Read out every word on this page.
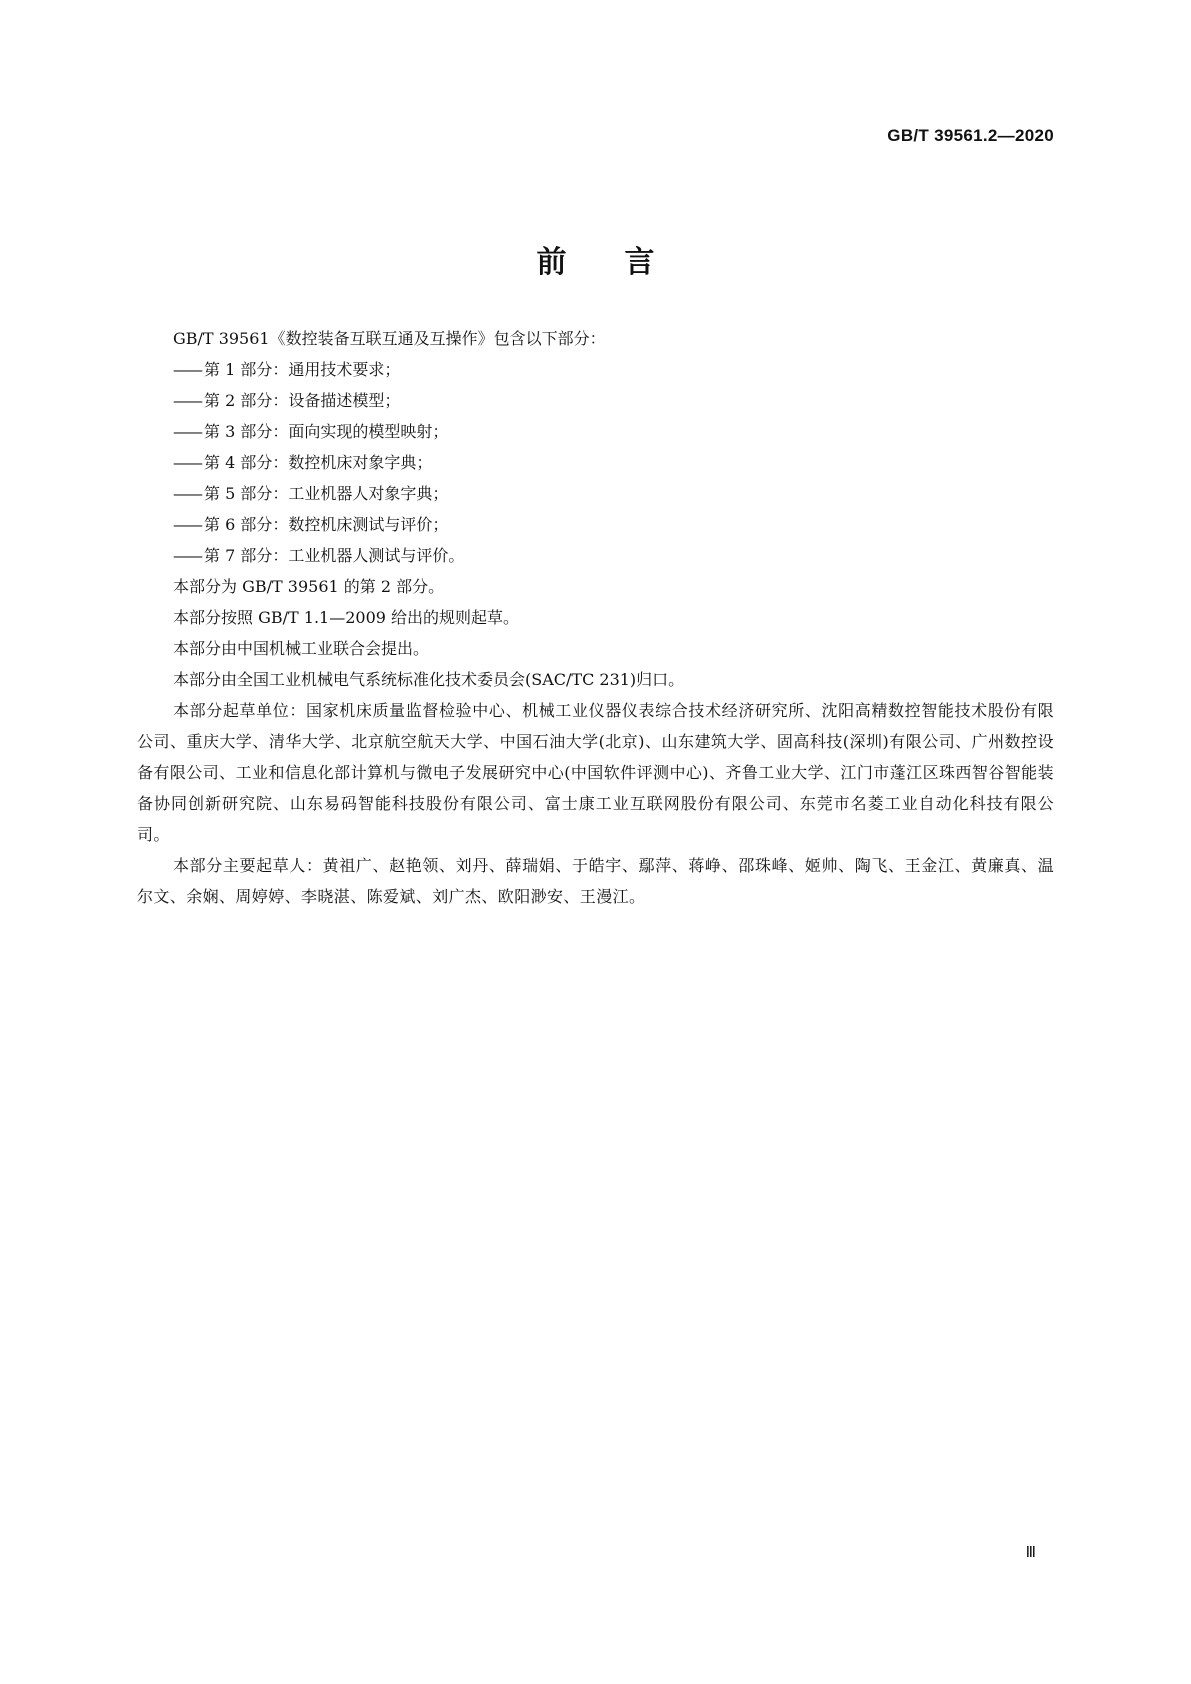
GB/T 39561.2—2020
前言

GB/T 39561《数控装备互联互通及互操作》包含以下部分：

—— 第 1 部分：通用技术要求；

—— 第 2 部分：设备描述模型；

—— 第 3 部分：面向实现的模型映射；

—— 第 4 部分：数控机床对象字典；

—— 第 5 部分：工业机器人对象字典；

—— 第 6 部分：数控机床测试与评价；

—— 第 7 部分：工业机器人测试与评价。

本部分为 GB/T 39561 的第 2 部分。

本部分按照 GB/T 1.1—2009 给出的规则起草。

本部分由中国机械工业联合会提出。

本部分由全国工业机械电气系统标准化技术委员会(SAC/TC 231)归口。

本部分起草单位：国家机床质量监督检验中心、机械工业仪器仪表综合技术经济研究所、沈阳高精数控智能技术股份有限公司、重庆大学、清华大学、北京航空航天大学、中国石油大学(北京)、山东建筑大学、固高科技(深圳)有限公司、广州数控设备有限公司、工业和信息化部计算机与微电子发展研究中心(中国软件评测中心)、齐鲁工业大学、江门市蓬江区珠西智谷智能装备协同创新研究院、山东易码智能科技股份有限公司、富士康工业互联网股份有限公司、东莞市名菱工业自动化科技有限公司。

本部分主要起草人：黄祖广、赵艳领、刘丹、薛瑞娟、于皓宇、鄢萍、蒋峥、邵珠峰、姬帅、陶飞、王金江、黄廉真、温尔文、余娴、周婷婷、李晓湛、陈爱斌、刘广杰、欧阳渺安、王漫江。

Ⅲ
